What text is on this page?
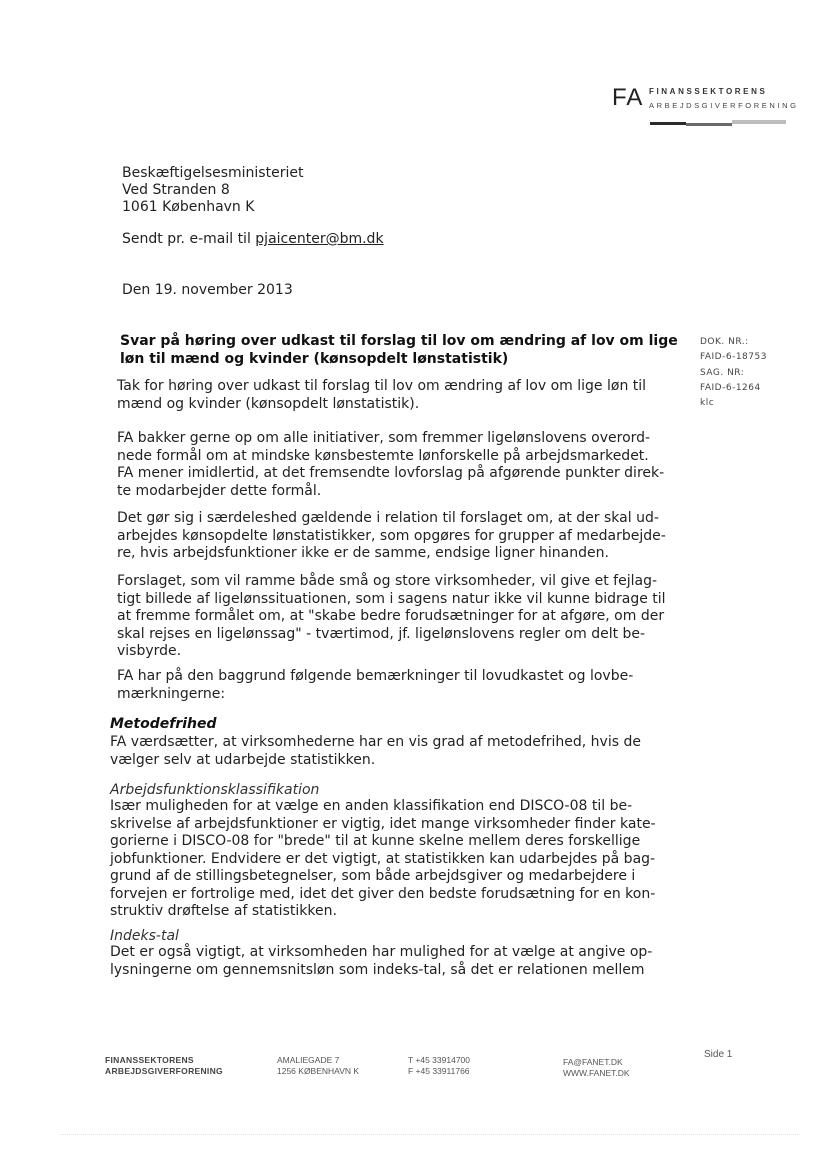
FA FINANSSEKTORENS
ARBEJDSGIVERFORENING
Beskæftigelsesministeriet
Ved Stranden 8
1061 København K
Sendt pr. e-mail til pjaicenter@bm.dk
Den 19. november 2013
DOK. NR.:
FAID-6-18753
SAG. NR:
FAID-6-1264
klc
Svar på høring over udkast til forslag til lov om ændring af lov om lige
løn til mænd og kvinder (kønsopdelt lønstatistik)
Tak for høring over udkast til forslag til lov om ændring af lov om lige løn til
mænd og kvinder (kønsopdelt lønstatistik).
FA bakker gerne op om alle initiativer, som fremmer ligelønslovens overord-
nede formål om at mindske kønsbestemte lønforskelle på arbejdsmarkedet.
FA mener imidlertid, at det fremsendte lovforslag på afgørende punkter direk-
te modarbejder dette formål.
Det gør sig i særdeleshed gældende i relation til forslaget om, at der skal ud-
arbejdes kønsopdelte lønstatistikker, som opgøres for grupper af medarbejde-
re, hvis arbejdsfunktioner ikke er de samme, endsige ligner hinanden.
Forslaget, som vil ramme både små og store virksomheder, vil give et fejlag-
tigt billede af ligelønssituationen, som i sagens natur ikke vil kunne bidrage til
at fremme formålet om, at "skabe bedre forudsætninger for at afgøre, om der
skal rejses en ligelønssag" - tværtimod, jf. ligelønslovens regler om delt be-
visbyrde.
FA har på den baggrund følgende bemærkninger til lovudkastet og lovbe-
mærkningerne:
Metodefrihed
FA værdsætter, at virksomhederne har en vis grad af metodefrihed, hvis de
vælger selv at udarbejde statistikken.
Arbejdsfunktionsklassifikation
Især muligheden for at vælge en anden klassifikation end DISCO-08 til be-
skrivelse af arbejdsfunktioner er vigtig, idet mange virksomheder finder kate-
gorierne i DISCO-08 for "brede" til at kunne skelne mellem deres forskellige
jobfunktioner. Endvidere er det vigtigt, at statistikken kan udarbejdes på bag-
grund af de stillingsbetegnelser, som både arbejdsgiver og medarbejdere i
forvejen er fortrolige med, idet det giver den bedste forudsætning for en kon-
struktiv drøftelse af statistikken.
Indeks-tal
Det er også vigtigt, at virksomheden har mulighed for at vælge at angive op-
lysningerne om gennemsnitsløn som indeks-tal, så det er relationen mellem
FINANSSEKTORENS
ARBEJDSGIVERFORENING
AMALIEGADE 7
1256 KØBENHAVN K
T +45 33914700
F +45 33911766
FA@FANET.DK
WWW.FANET.DK
Side 1
